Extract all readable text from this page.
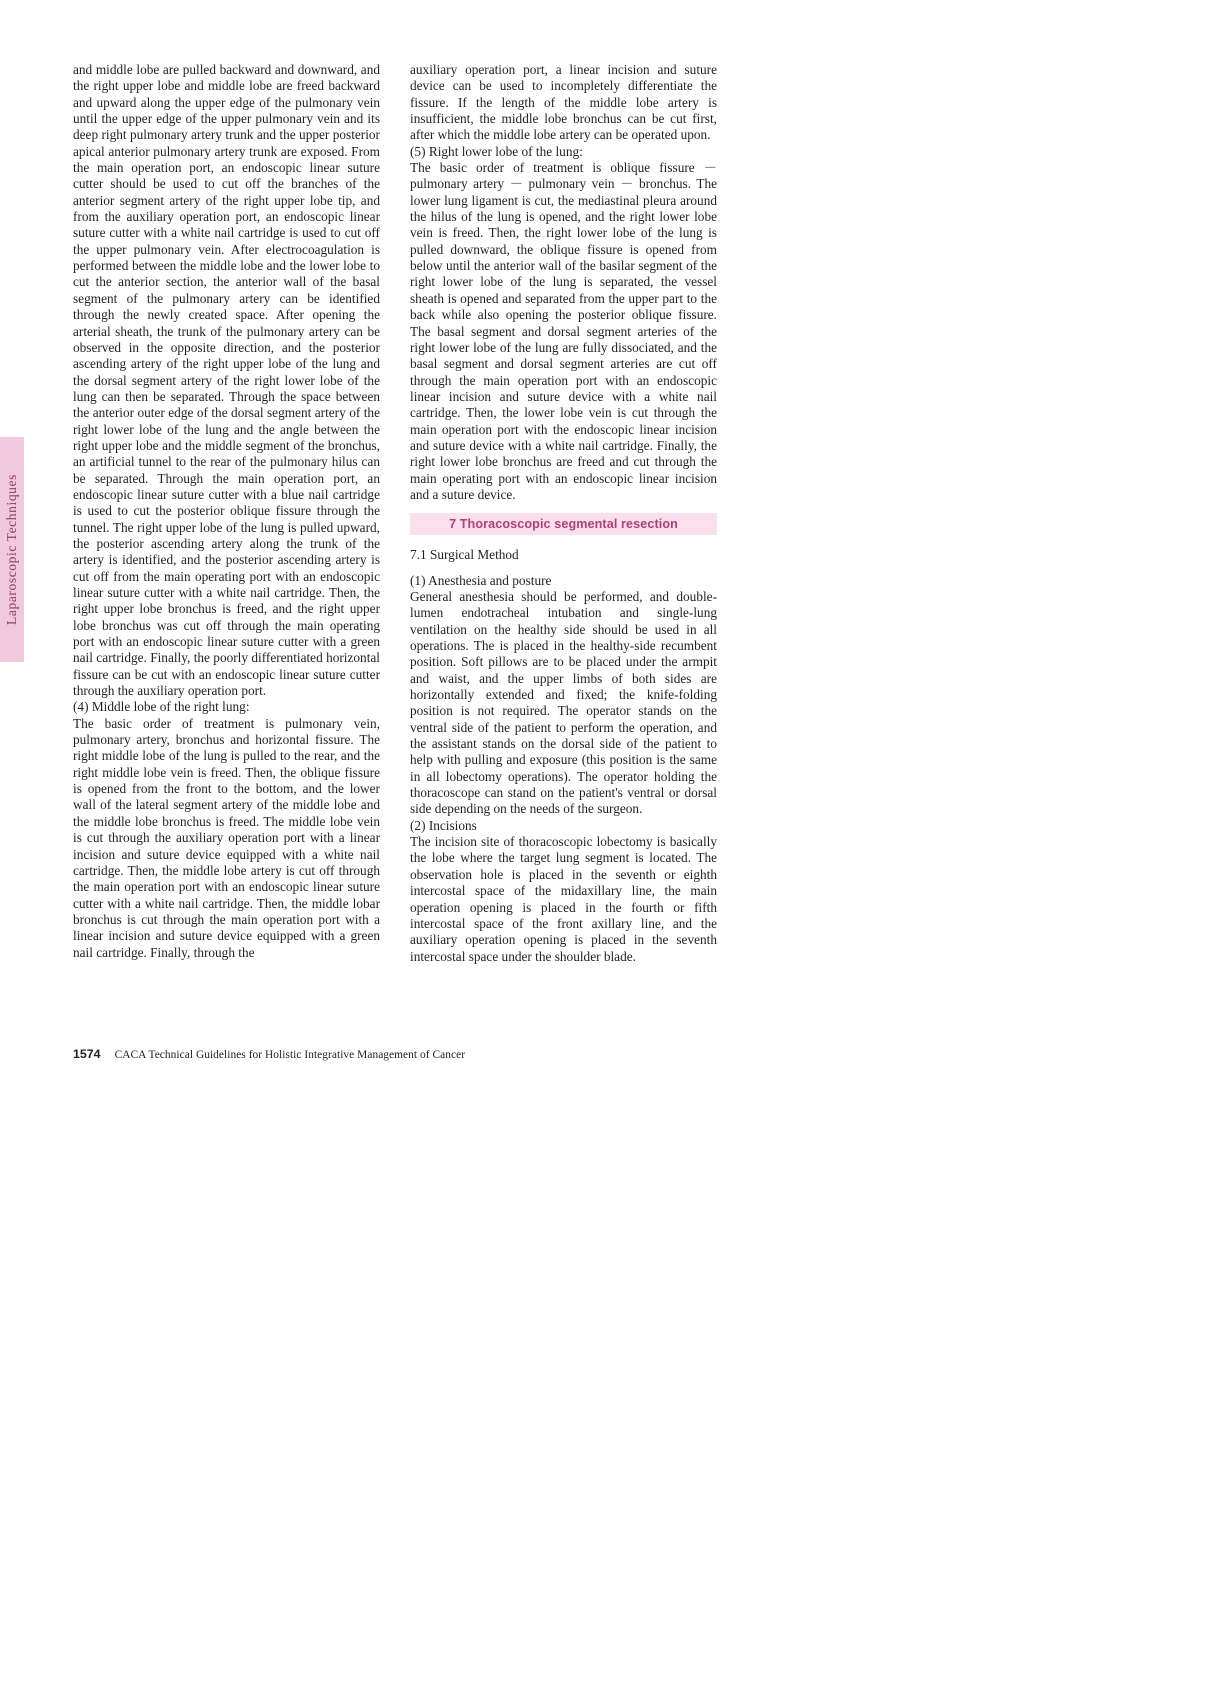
Laparoscopic Techniques

and middle lobe are pulled backward and downward, and the right upper lobe and middle lobe are freed backward and upward along the upper edge of the pulmonary vein until the upper edge of the upper pulmonary vein and its deep right pulmonary artery trunk and the upper posterior apical anterior pulmonary artery trunk are exposed. From the main operation port, an endoscopic linear suture cutter should be used to cut off the branches of the anterior segment artery of the right upper lobe tip, and from the auxiliary operation port, an endoscopic linear suture cutter with a white nail cartridge is used to cut off the upper pulmonary vein. After electrocoagulation is performed between the middle lobe and the lower lobe to cut the anterior section, the anterior wall of the basal segment of the pulmonary artery can be identified through the newly created space. After opening the arterial sheath, the trunk of the pulmonary artery can be observed in the opposite direction, and the posterior ascending artery of the right upper lobe of the lung and the dorsal segment artery of the right lower lobe of the lung can then be separated. Through the space between the anterior outer edge of the dorsal segment artery of the right lower lobe of the lung and the angle between the right upper lobe and the middle segment of the bronchus, an artificial tunnel to the rear of the pulmonary hilus can be separated. Through the main operation port, an endoscopic linear suture cutter with a blue nail cartridge is used to cut the posterior oblique fissure through the tunnel. The right upper lobe of the lung is pulled upward, the posterior ascending artery along the trunk of the artery is identified, and the posterior ascending artery is cut off from the main operating port with an endoscopic linear suture cutter with a white nail cartridge. Then, the right upper lobe bronchus is freed, and the right upper lobe bronchus was cut off through the main operating port with an endoscopic linear suture cutter with a green nail cartridge. Finally, the poorly differentiated horizontal fissure can be cut with an endoscopic linear suture cutter through the auxiliary operation port.

(4) Middle lobe of the right lung:

The basic order of treatment is pulmonary vein, pulmonary artery, bronchus and horizontal fissure. The right middle lobe of the lung is pulled to the rear, and the right middle lobe vein is freed. Then, the oblique fissure is opened from the front to the bottom, and the lower wall of the lateral segment artery of the middle lobe and the middle lobe bronchus is freed. The middle lobe vein is cut through the auxiliary operation port with a linear incision and suture device equipped with a white nail cartridge. Then, the middle lobe artery is cut off through the main operation port with an endoscopic linear suture cutter with a white nail cartridge. Then, the middle lobar bronchus is cut through the main operation port with a linear incision and suture device equipped with a green nail cartridge. Finally, through the

auxiliary operation port, a linear incision and suture device can be used to incompletely differentiate the fissure. If the length of the middle lobe artery is insufficient, the middle lobe bronchus can be cut first, after which the middle lobe artery can be operated upon.

(5) Right lower lobe of the lung:

The basic order of treatment is oblique fissure － pulmonary artery － pulmonary vein － bronchus. The lower lung ligament is cut, the mediastinal pleura around the hilus of the lung is opened, and the right lower lobe vein is freed. Then, the right lower lobe of the lung is pulled downward, the oblique fissure is opened from below until the anterior wall of the basilar segment of the right lower lobe of the lung is separated, the vessel sheath is opened and separated from the upper part to the back while also opening the posterior oblique fissure. The basal segment and dorsal segment arteries of the right lower lobe of the lung are fully dissociated, and the basal segment and dorsal segment arteries are cut off through the main operation port with an endoscopic linear incision and suture device with a white nail cartridge. Then, the lower lobe vein is cut through the main operation port with the endoscopic linear incision and suture device with a white nail cartridge. Finally, the right lower lobe bronchus are freed and cut through the main operating port with an endoscopic linear incision and a suture device.

7 Thoracoscopic segmental resection

7.1 Surgical Method

(1) Anesthesia and posture

General anesthesia should be performed, and double-lumen endotracheal intubation and single-lung ventilation on the healthy side should be used in all operations. The is placed in the healthy-side recumbent position. Soft pillows are to be placed under the armpit and waist, and the upper limbs of both sides are horizontally extended and fixed; the knife-folding position is not required. The operator stands on the ventral side of the patient to perform the operation, and the assistant stands on the dorsal side of the patient to help with pulling and exposure (this position is the same in all lobectomy operations). The operator holding the thoracoscope can stand on the patient's ventral or dorsal side depending on the needs of the surgeon.

(2) Incisions

The incision site of thoracoscopic lobectomy is basically the lobe where the target lung segment is located. The observation hole is placed in the seventh or eighth intercostal space of the midaxillary line, the main operation opening is placed in the fourth or fifth intercostal space of the front axillary line, and the auxiliary operation opening is placed in the seventh intercostal space under the shoulder blade.

1574 CACA Technical Guidelines for Holistic Integrative Management of Cancer
